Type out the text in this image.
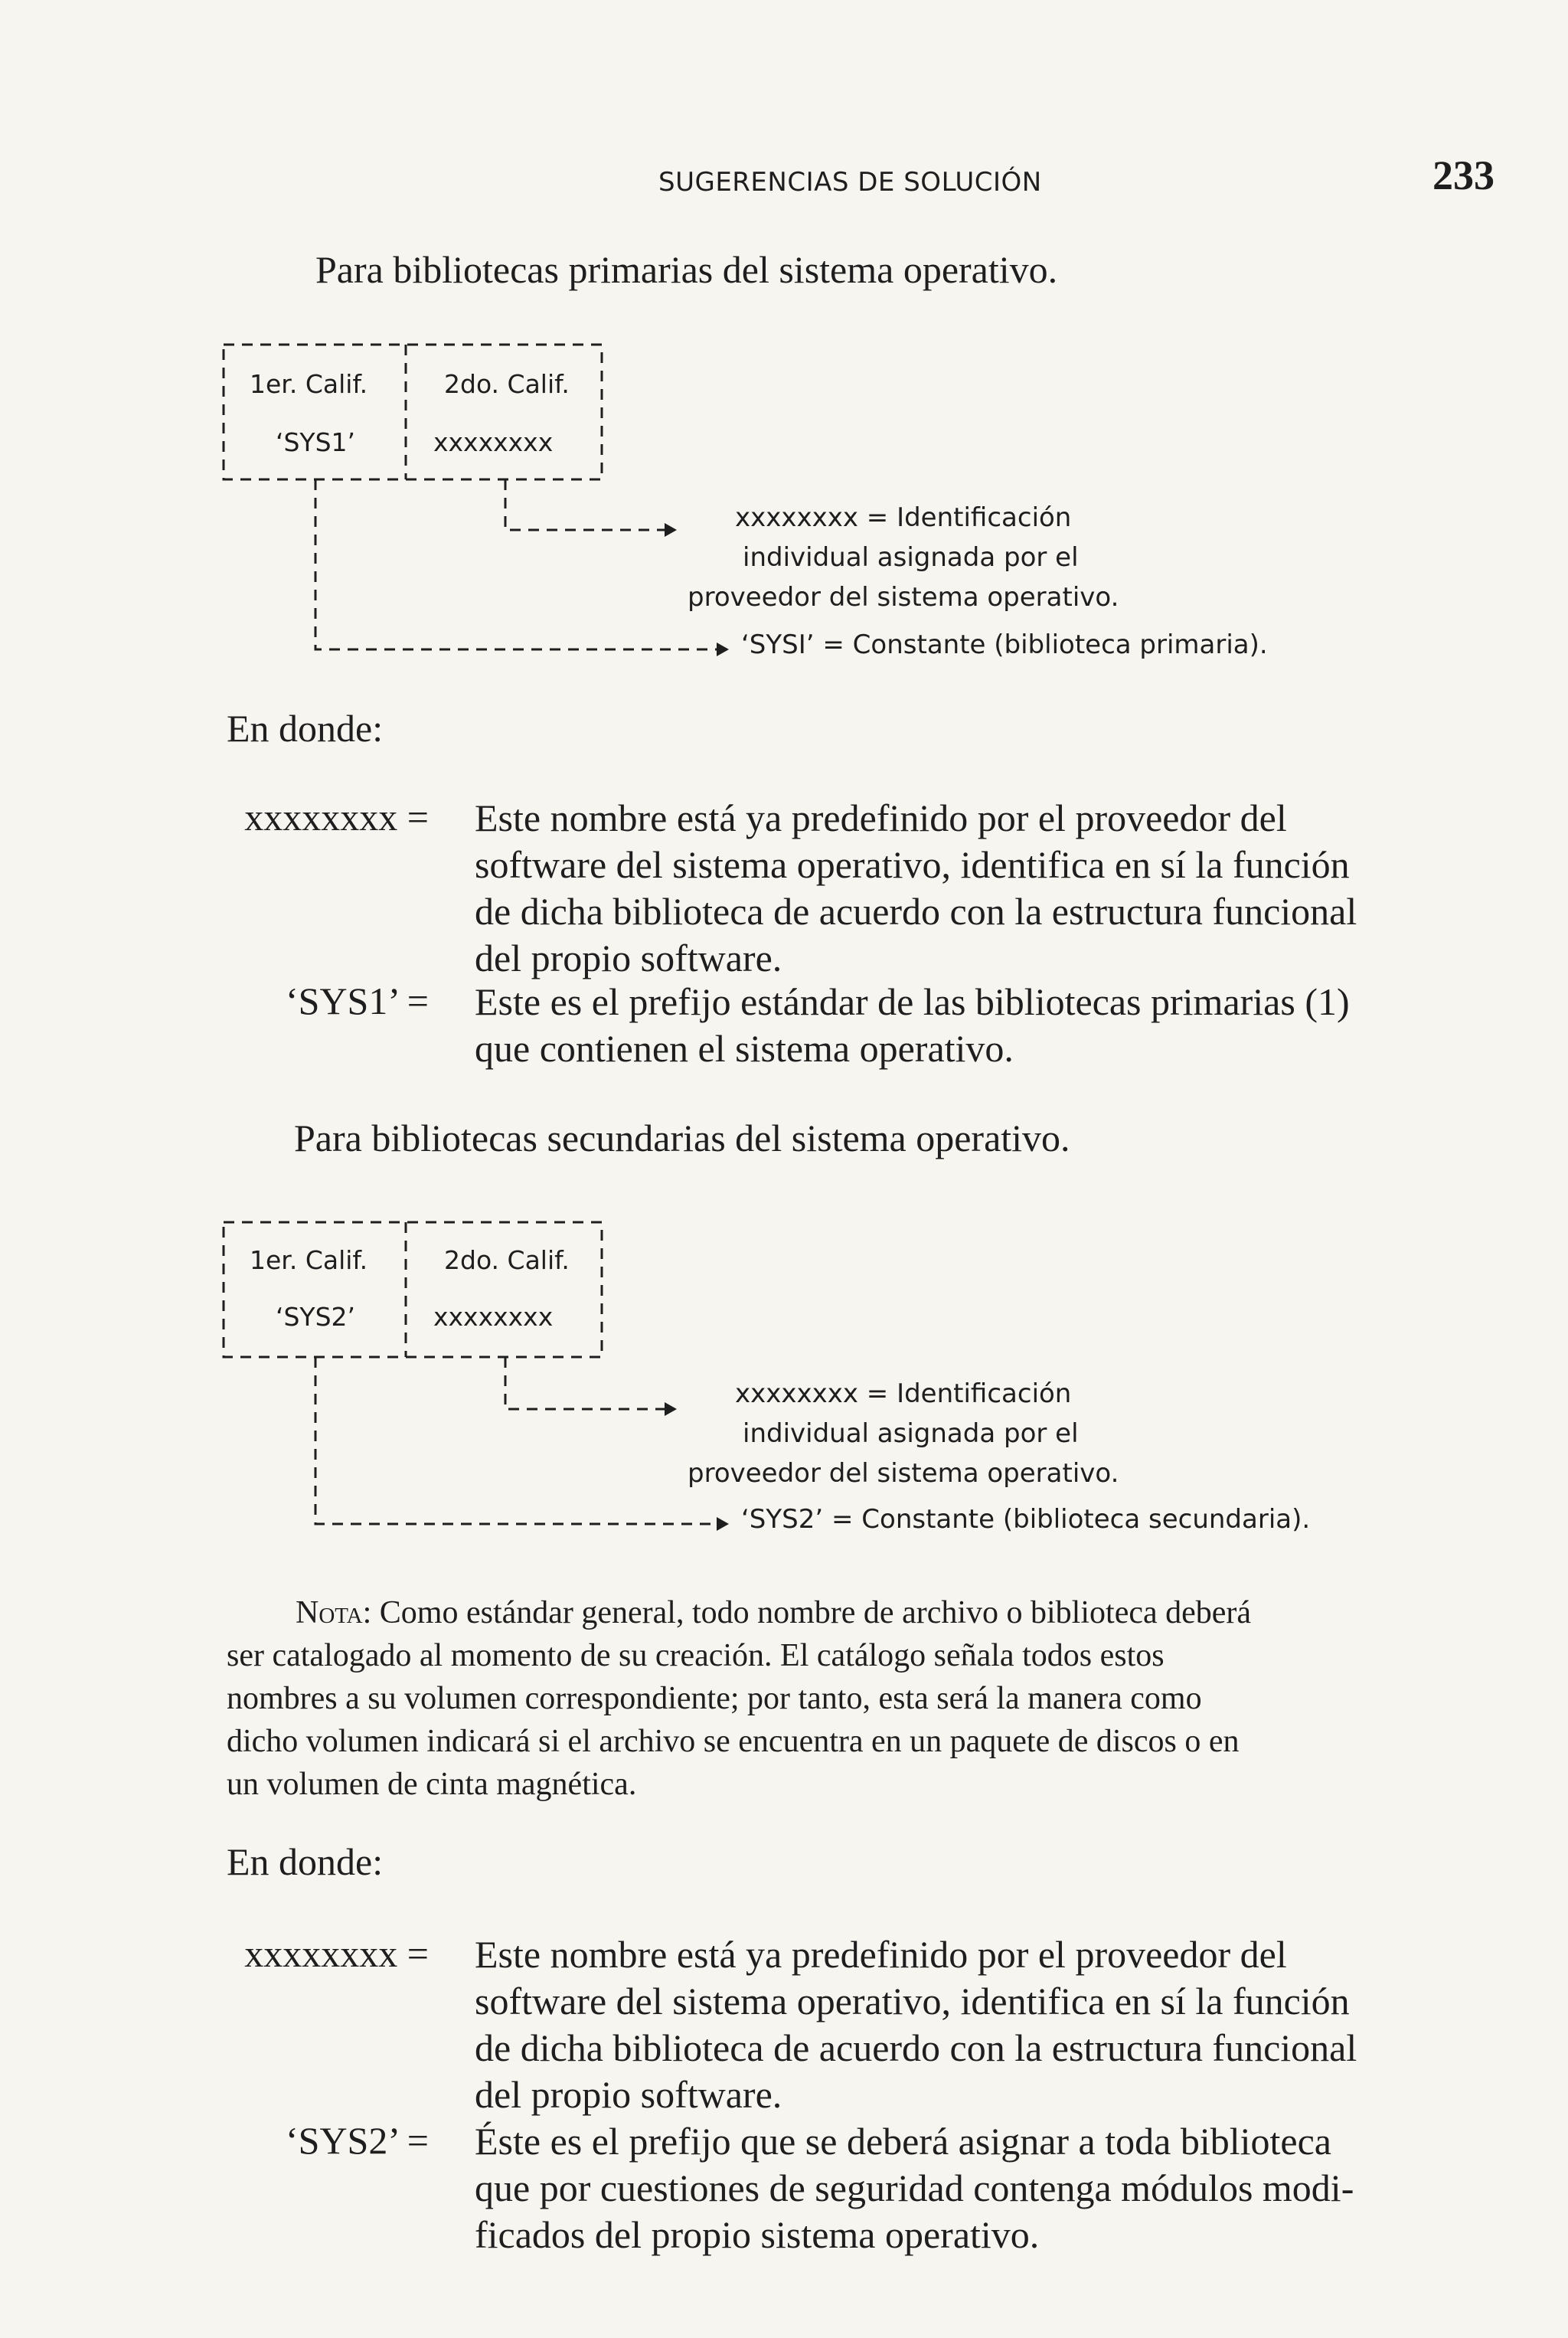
SUGERENCIAS DE SOLUCIÓN	233
Para bibliotecas primarias del sistema operativo.
1er. Calif.
‘SYS1’
2do. Calif.
xxxxxxxx
xxxxxxxx = Identificación
individual asignada por el
proveedor del sistema operativo.
‘SYSI’ = Constante (biblioteca primaria).
En donde:
xxxxxxxx = Este nombre está ya predefinido por el proveedor del
software del sistema operativo, identifica en sí la función
de dicha biblioteca de acuerdo con la estructura funcional
del propio software.
‘SYS1’ = Este es el prefijo estándar de las bibliotecas primarias (1)
que contienen el sistema operativo.
Para bibliotecas secundarias del sistema operativo.
1er. Calif.
‘SYS2’
2do. Calif.
xxxxxxxx
xxxxxxxx = Identificación
individual asignada por el
proveedor del sistema operativo.
‘SYS2’ = Constante (biblioteca secundaria).
Nota: Como estándar general, todo nombre de archivo o biblioteca deberá
ser catalogado al momento de su creación. El catálogo señala todos estos
nombres a su volumen correspondiente; por tanto, esta será la manera como
dicho volumen indicará si el archivo se encuentra en un paquete de discos o en
un volumen de cinta magnética.
En donde:
xxxxxxxx = Este nombre está ya predefinido por el proveedor del
software del sistema operativo, identifica en sí la función
de dicha biblioteca de acuerdo con la estructura funcional
del propio software.
‘SYS2’ = Éste es el prefijo que se deberá asignar a toda biblioteca
que por cuestiones de seguridad contenga módulos modi-
ficados del propio sistema operativo.
